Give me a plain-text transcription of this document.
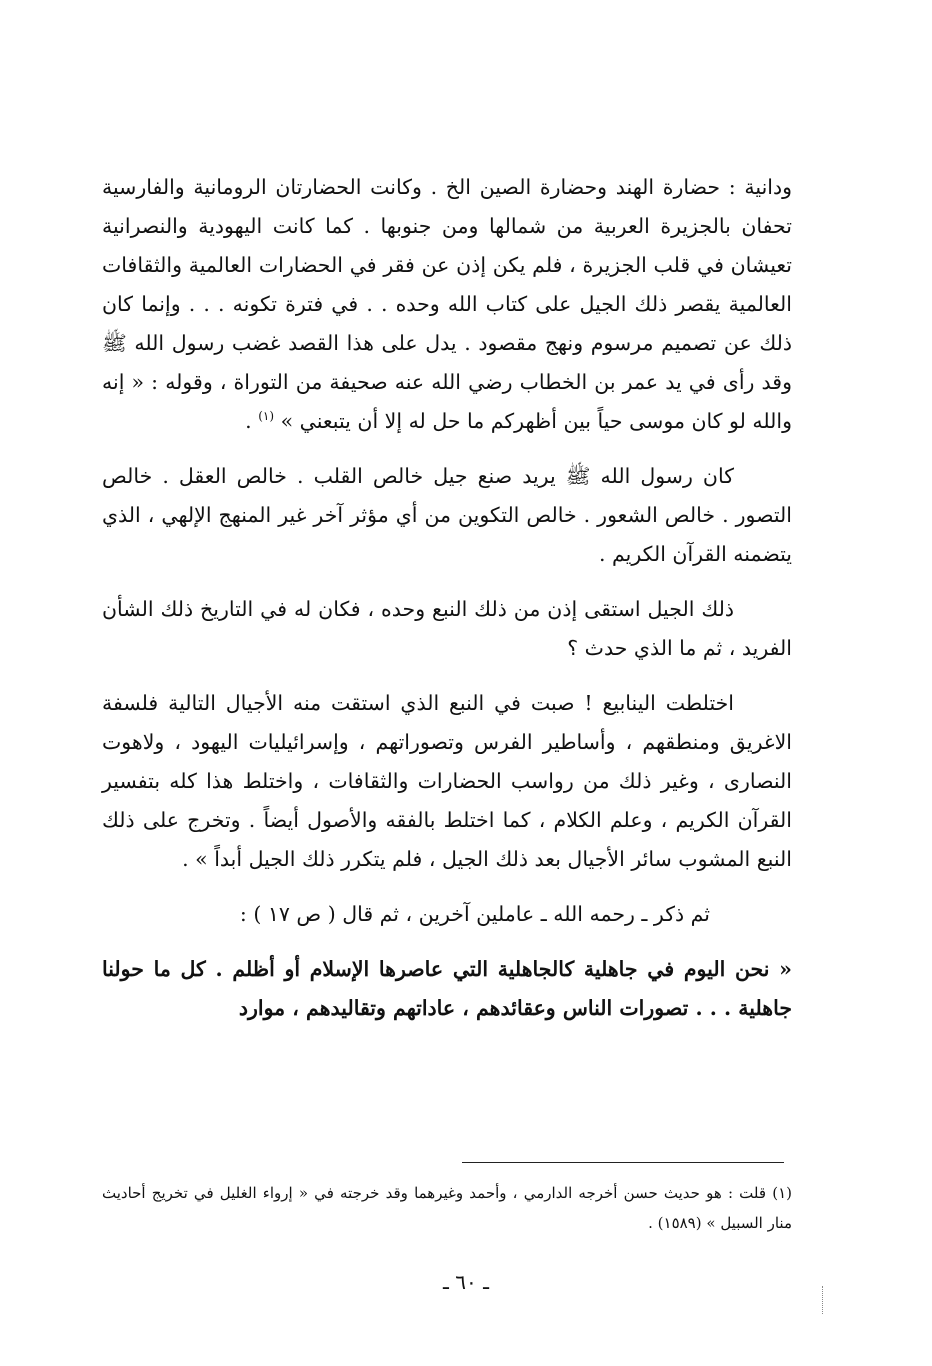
ودانية : حضارة الهند وحضارة الصين الخ . وكانت الحضارتان الرومانية والفارسية تحفان بالجزيرة العربية من شمالها ومن جنوبها . كما كانت اليهودية والنصرانية تعيشان في قلب الجزيرة ، فلم يكن إذن عن فقر في الحضارات العالمية والثقافات العالمية يقصر ذلك الجيل على كتاب الله وحده . . في فترة تكونه . . . وإنما كان ذلك عن تصميم مرسوم ونهج مقصود . يدل على هذا القصد غضب رسول الله ﷺ وقد رأى في يد عمر بن الخطاب رضي الله عنه صحيفة من التوراة ، وقوله : « إنه والله لو كان موسى حياً بين أظهركم ما حل له إلا أن يتبعني » $^{(١)}$ .

كان رسول الله ﷺ يريد صنع جيل خالص القلب . خالص العقل . خالص التصور . خالص الشعور . خالص التكوين من أي مؤثر آخر غير المنهج الإلهي ، الذي يتضمنه القرآن الكريم .

ذلك الجيل استقى إذن من ذلك النبع وحده ، فكان له في التاريخ ذلك الشأن الفريد ، ثم ما الذي حدث ؟

اختلطت الينابيع ! صبت في النبع الذي استقت منه الأجيال التالية فلسفة الاغريق ومنطقهم ، وأساطير الفرس وتصوراتهم ، وإسرائيليات اليهود ، ولاهوت النصارى ، وغير ذلك من رواسب الحضارات والثقافات ، واختلط هذا كله بتفسير القرآن الكريم ، وعلم الكلام ، كما اختلط بالفقه والأصول أيضاً . وتخرج على ذلك النبع المشوب سائر الأجيال بعد ذلك الجيل ، فلم يتكرر ذلك الجيل أبداً » .

ثم ذكر ـ رحمه الله ـ عاملين آخرين ، ثم قال ( ص ١٧ ) :

« نحن اليوم في جاهلية كالجاهلية التي عاصرها الإسلام أو أظلم . كل ما حولنا جاهلية . . . تصورات الناس وعقائدهم ، عاداتهم وتقاليدهم ، موارد

(١) قلت : هو حديث حسن أخرجه الدارمي ، وأحمد وغيرهما وقد خرجته في « إرواء الغليل في تخريج أحاديث منار السبيل » (١٥٨٩) .
ـ ٦٠ ـ
